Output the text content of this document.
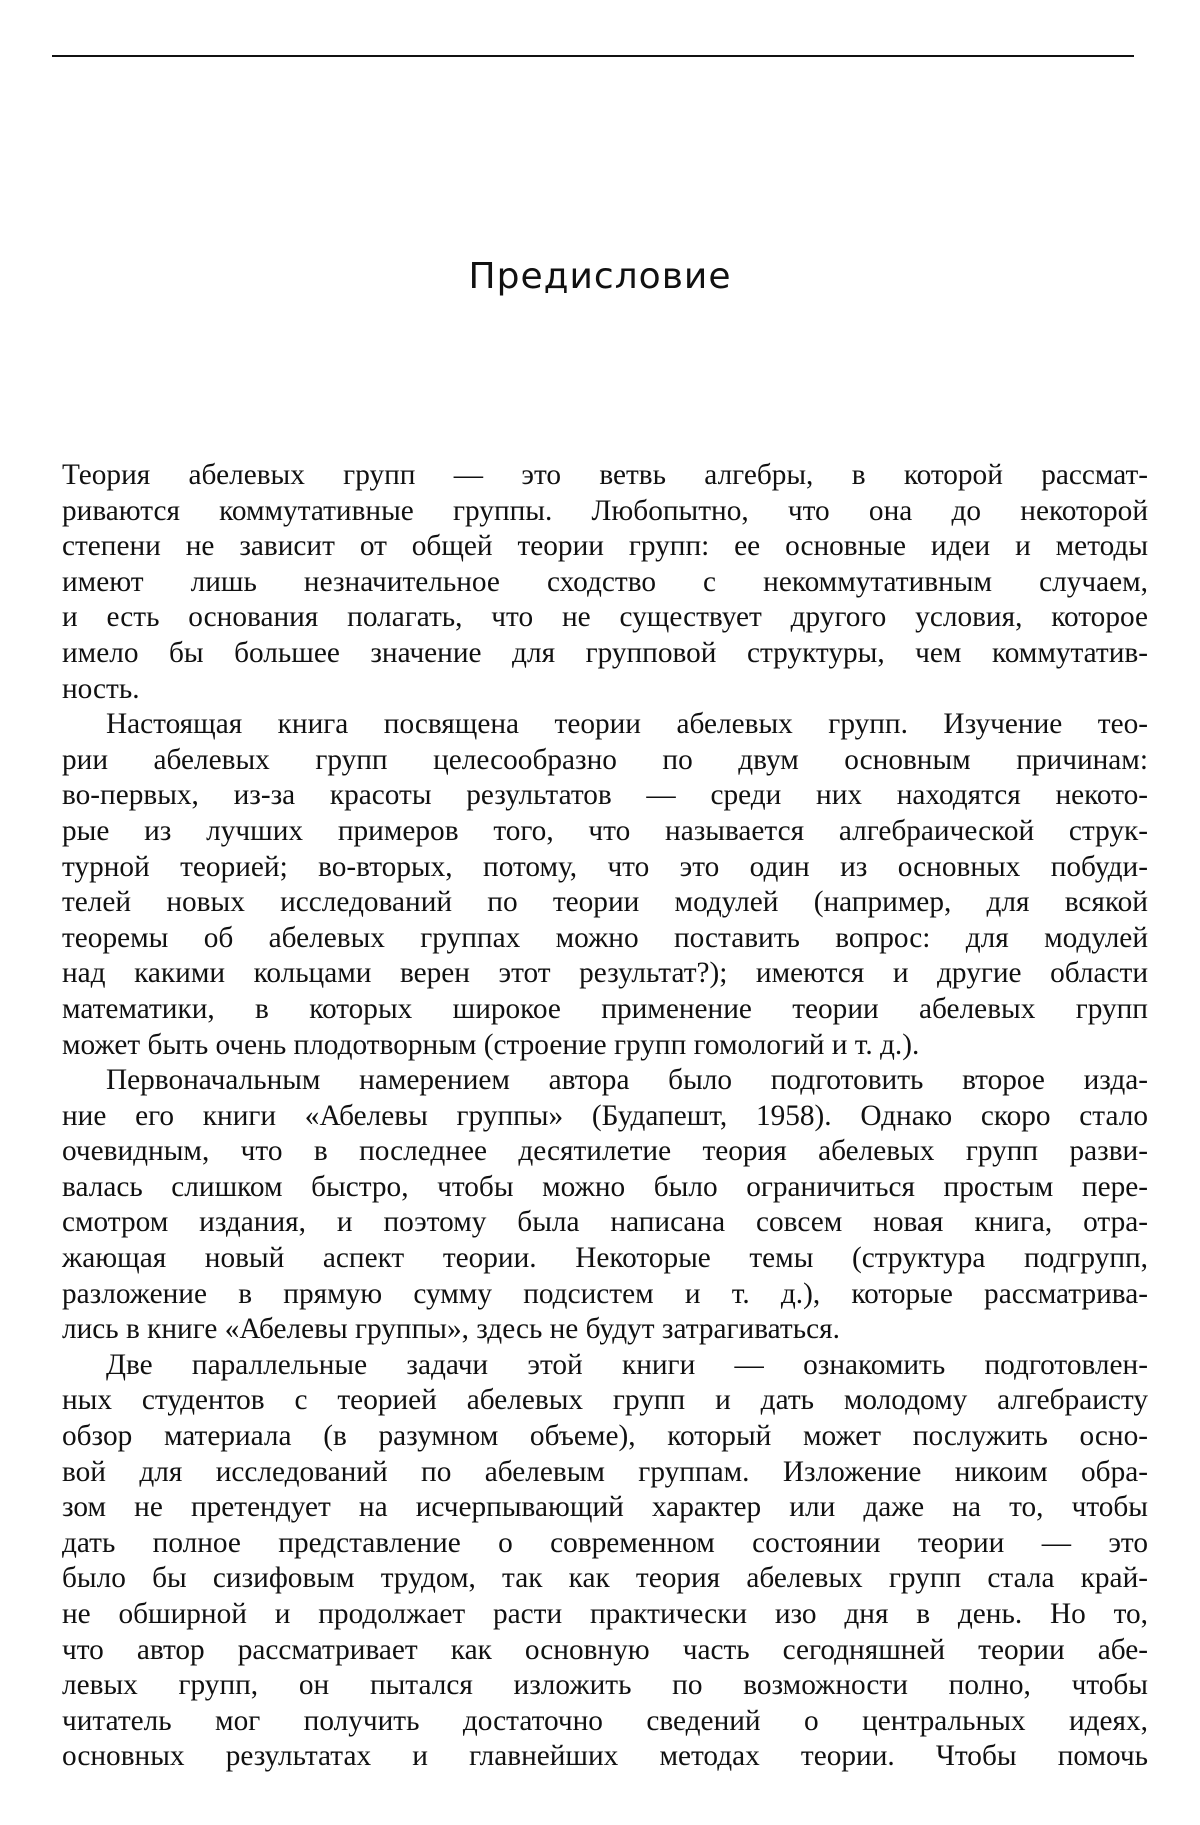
Предисловие
Теория абелевых групп — это ветвь алгебры, в которой рассмат-
риваются коммутативные группы. Любопытно, что она до некоторой
степени не зависит от общей теории групп: ее основные идеи и методы
имеют лишь незначительное сходство с некоммутативным случаем,
и есть основания полагать, что не существует другого условия, которое
имело бы большее значение для групповой структуры, чем коммутатив-
ность.
Настоящая книга посвящена теории абелевых групп. Изучение тео-
рии абелевых групп целесообразно по двум основным причинам:
во-первых, из-за красоты результатов — среди них находятся некото-
рые из лучших примеров того, что называется алгебраической струк-
турной теорией; во-вторых, потому, что это один из основных побуди-
телей новых исследований по теории модулей (например, для всякой
теоремы об абелевых группах можно поставить вопрос: для модулей
над какими кольцами верен этот результат?); имеются и другие области
математики, в которых широкое применение теории абелевых групп
может быть очень плодотворным (строение групп гомологий и т. д.).
Первоначальным намерением автора было подготовить второе изда-
ние его книги «Абелевы группы» (Будапешт, 1958). Однако скоро стало
очевидным, что в последнее десятилетие теория абелевых групп разви-
валась слишком быстро, чтобы можно было ограничиться простым пере-
смотром издания, и поэтому была написана совсем новая книга, отра-
жающая новый аспект теории. Некоторые темы (структура подгрупп,
разложение в прямую сумму подсистем и т. д.), которые рассматрива-
лись в книге «Абелевы группы», здесь не будут затрагиваться.
Две параллельные задачи этой книги — ознакомить подготовлен-
ных студентов с теорией абелевых групп и дать молодому алгебраисту
обзор материала (в разумном объеме), который может послужить осно-
вой для исследований по абелевым группам. Изложение никоим обра-
зом не претендует на исчерпывающий характер или даже на то, чтобы
дать полное представление о современном состоянии теории — это
было бы сизифовым трудом, так как теория абелевых групп стала край-
не обширной и продолжает расти практически изо дня в день. Но то,
что автор рассматривает как основную часть сегодняшней теории абе-
левых групп, он пытался изложить по возможности полно, чтобы
читатель мог получить достаточно сведений о центральных идеях,
основных результатах и главнейших методах теории. Чтобы помочь
